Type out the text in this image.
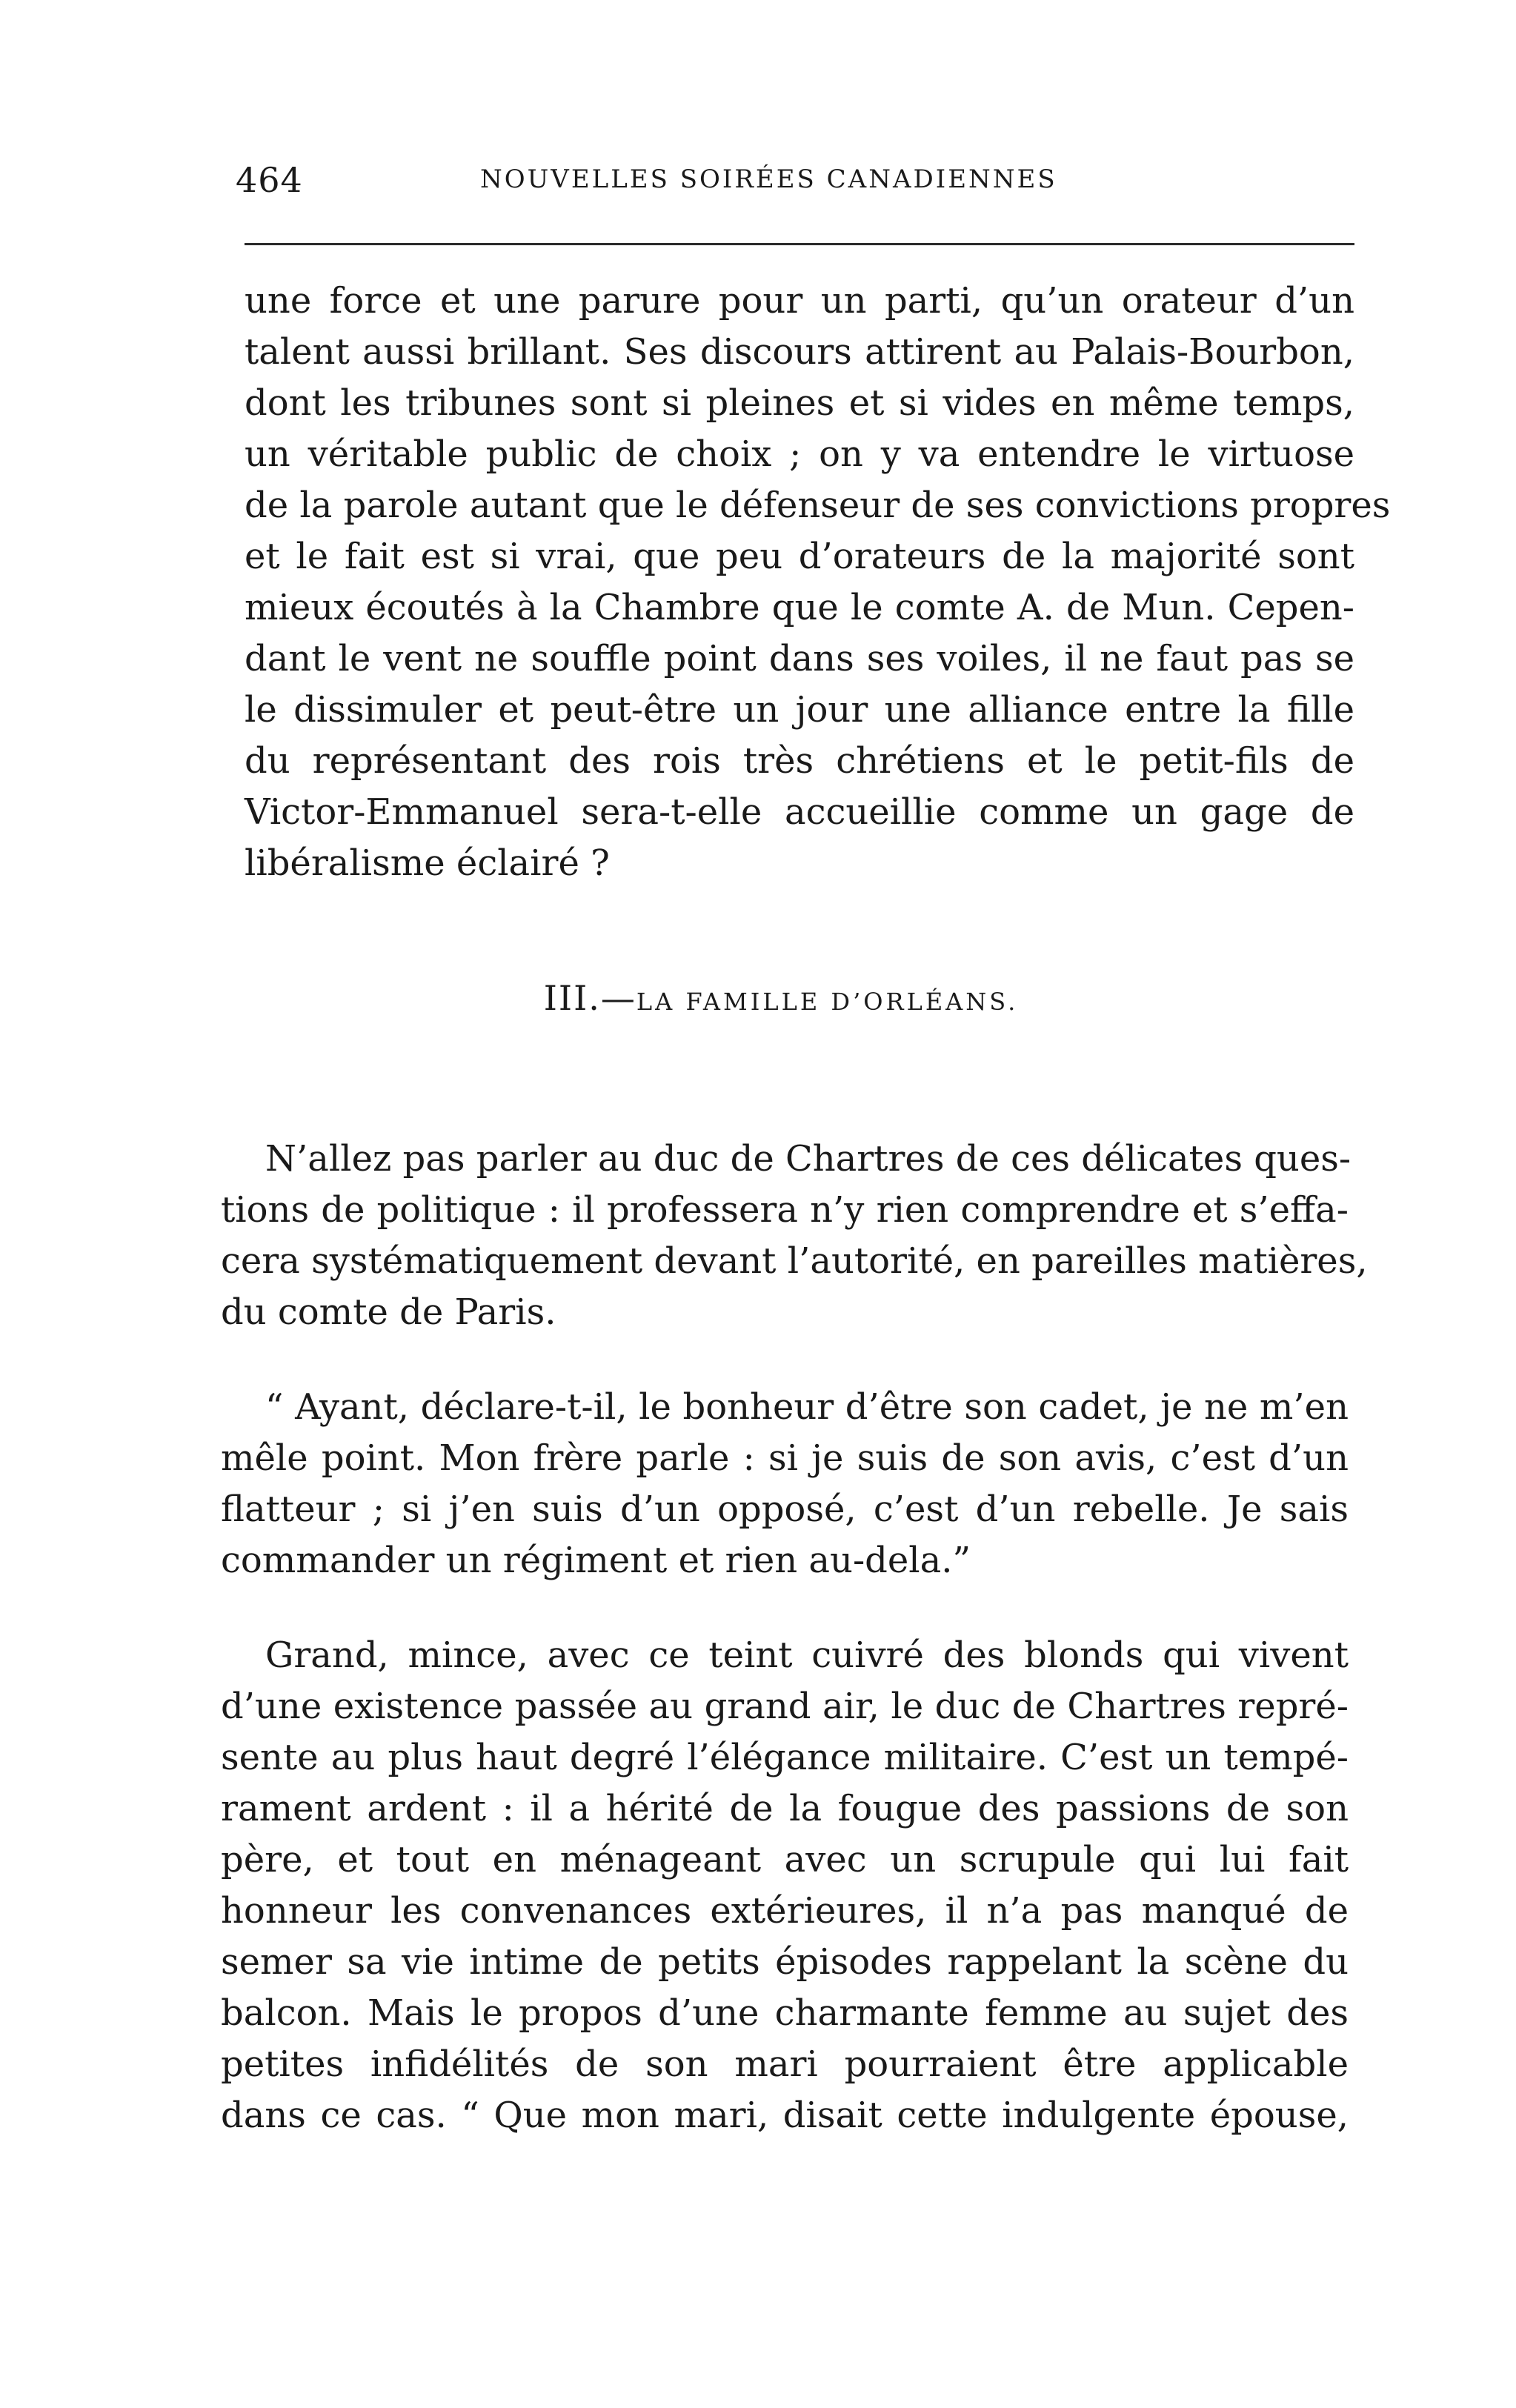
464	NOUVELLES SOIRÉES CANADIENNES
une force et une parure pour un parti, qu’un orateur d’un
talent aussi brillant. Ses discours attirent au Palais-Bourbon,
dont les tribunes sont si pleines et si vides en même temps,
un véritable public de choix ; on y va entendre le virtuose
de la parole autant que le défenseur de ses convictions propres
et le fait est si vrai, que peu d’orateurs de la majorité sont
mieux écoutés à la Chambre que le comte A. de Mun. Cepen-
dant le vent ne souffle point dans ses voiles, il ne faut pas se
le dissimuler et peut-être un jour une alliance entre la fille
du représentant des rois très chrétiens et le petit-fils de
Victor-Emmanuel sera-t-elle accueillie comme un gage de
libéralisme éclairé ?
III.—LA FAMILLE D’ORLÉANS.
N’allez pas parler au duc de Chartres de ces délicates ques-
tions de politique : il professera n’y rien comprendre et s’effa-
cera systématiquement devant l’autorité, en pareilles matières,
du comte de Paris.
“ Ayant, déclare-t-il, le bonheur d’être son cadet, je ne m’en
mêle point. Mon frère parle : si je suis de son avis, c’est d’un
flatteur ; si j’en suis d’un opposé, c’est d’un rebelle. Je sais
commander un régiment et rien au-dela.”
Grand, mince, avec ce teint cuivré des blonds qui vivent
d’une existence passée au grand air, le duc de Chartres repré-
sente au plus haut degré l’élégance militaire. C’est un tempé-
rament ardent : il a hérité de la fougue des passions de son
père, et tout en ménageant avec un scrupule qui lui fait
honneur les convenances extérieures, il n’a pas manqué de
semer sa vie intime de petits épisodes rappelant la scène du
balcon. Mais le propos d’une charmante femme au sujet des
petites infidélités de son mari pourraient être applicable
dans ce cas. “ Que mon mari, disait cette indulgente épouse,
